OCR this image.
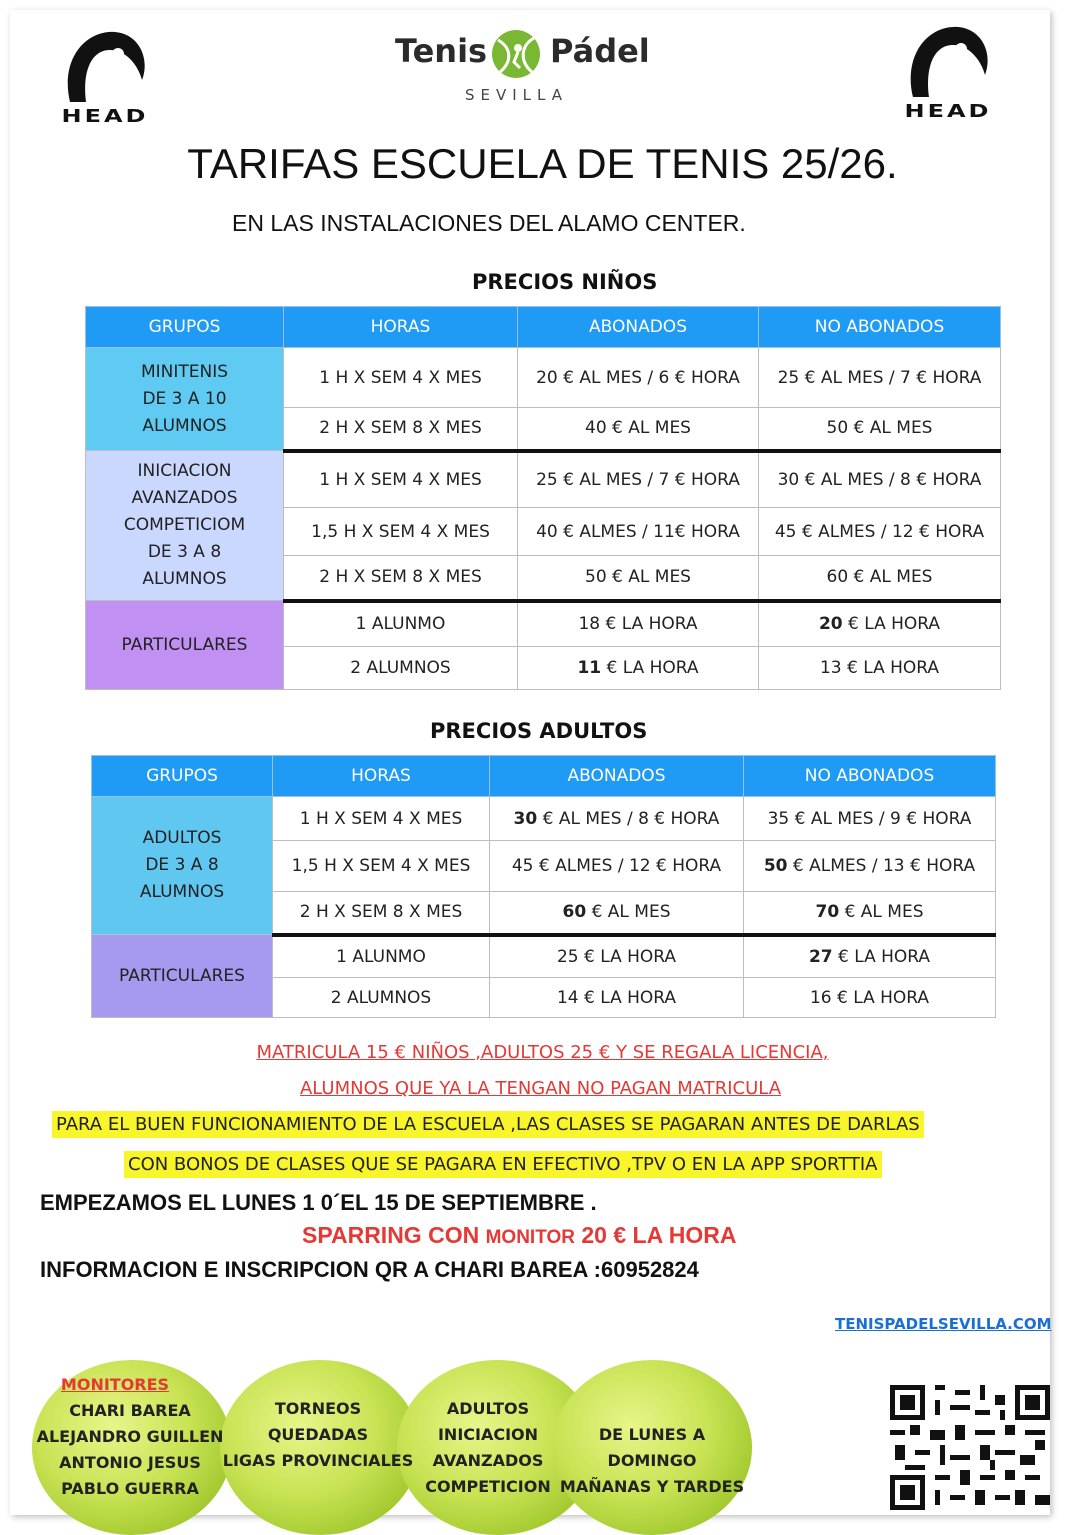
HEAD	HEAD
Tenis Pádel
SEVILLA
TARIFAS ESCUELA DE TENIS 25/26.
EN LAS INSTALACIONES DEL ALAMO CENTER.
PRECIOS NIÑOS
GRUPOS	HORAS	ABONADOS	NO ABONADOS

MINITENIS
DE 3 A 10
ALUMNOS	1 H X SEM 4 X MES	20 € AL MES / 6 € HORA	25 € AL MES / 7 € HORA
	2 H X SEM 8 X MES	40 € AL MES	50 € AL MES

INICIACION
AVANZADOS
COMPETICIOM
DE 3 A 8
ALUMNOS	1 H X SEM 4 X MES	25 € AL MES / 7 € HORA	30 € AL MES / 8 € HORA
	1,5 H X SEM 4 X MES	40 € ALMES / 11€ HORA	45 € ALMES / 12 € HORA
	2 H X SEM 8 X MES	50 € AL MES	60 € AL MES
PARTICULARES	1 ALUNMO	18 € LA HORA	20 € LA HORA
	2 ALUMNOS	11 € LA HORA	13 € LA HORA
PRECIOS ADULTOS
GRUPOS	HORAS	ABONADOS	NO ABONADOS

ADULTOS
DE 3 A 8
ALUMNOS	1 H X SEM 4 X MES	30 € AL MES / 8 € HORA	35 € AL MES / 9 € HORA
	1,5 H X SEM 4 X MES	45 € ALMES / 12 € HORA	50 € ALMES / 13 € HORA
	2 H X SEM 8 X MES	60 € AL MES	70 € AL MES
PARTICULARES	1 ALUNMO	25 € LA HORA	27 € LA HORA
	2 ALUMNOS	14 € LA HORA	16 € LA HORA
MATRICULA 15 € NIÑOS ,ADULTOS 25 € Y SE REGALA LICENCIA,
ALUMNOS QUE YA LA TENGAN NO PAGAN MATRICULA
PARA EL BUEN FUNCIONAMIENTO DE LA ESCUELA ,LAS CLASES SE PAGARAN ANTES DE DARLAS
CON BONOS DE CLASES QUE SE PAGARA EN EFECTIVO ,TPV O EN LA APP SPORTTIA
EMPEZAMOS EL LUNES 1 0´EL 15 DE SEPTIEMBRE .
SPARRING CON MONITOR 20 € LA HORA
INFORMACION E INSCRIPCION QR A CHARI BAREA :60952824
TENISPADELSEVILLA.COM
MONITORES
CHARI BAREA
ALEJANDRO GUILLEN
ANTONIO JESUS
PABLO GUERRA
TORNEOS
QUEDADAS
LIGAS PROVINCIALES
ADULTOS
INICIACION
AVANZADOS
COMPETICION
DE LUNES A DOMINGO
MAÑANAS Y TARDES
